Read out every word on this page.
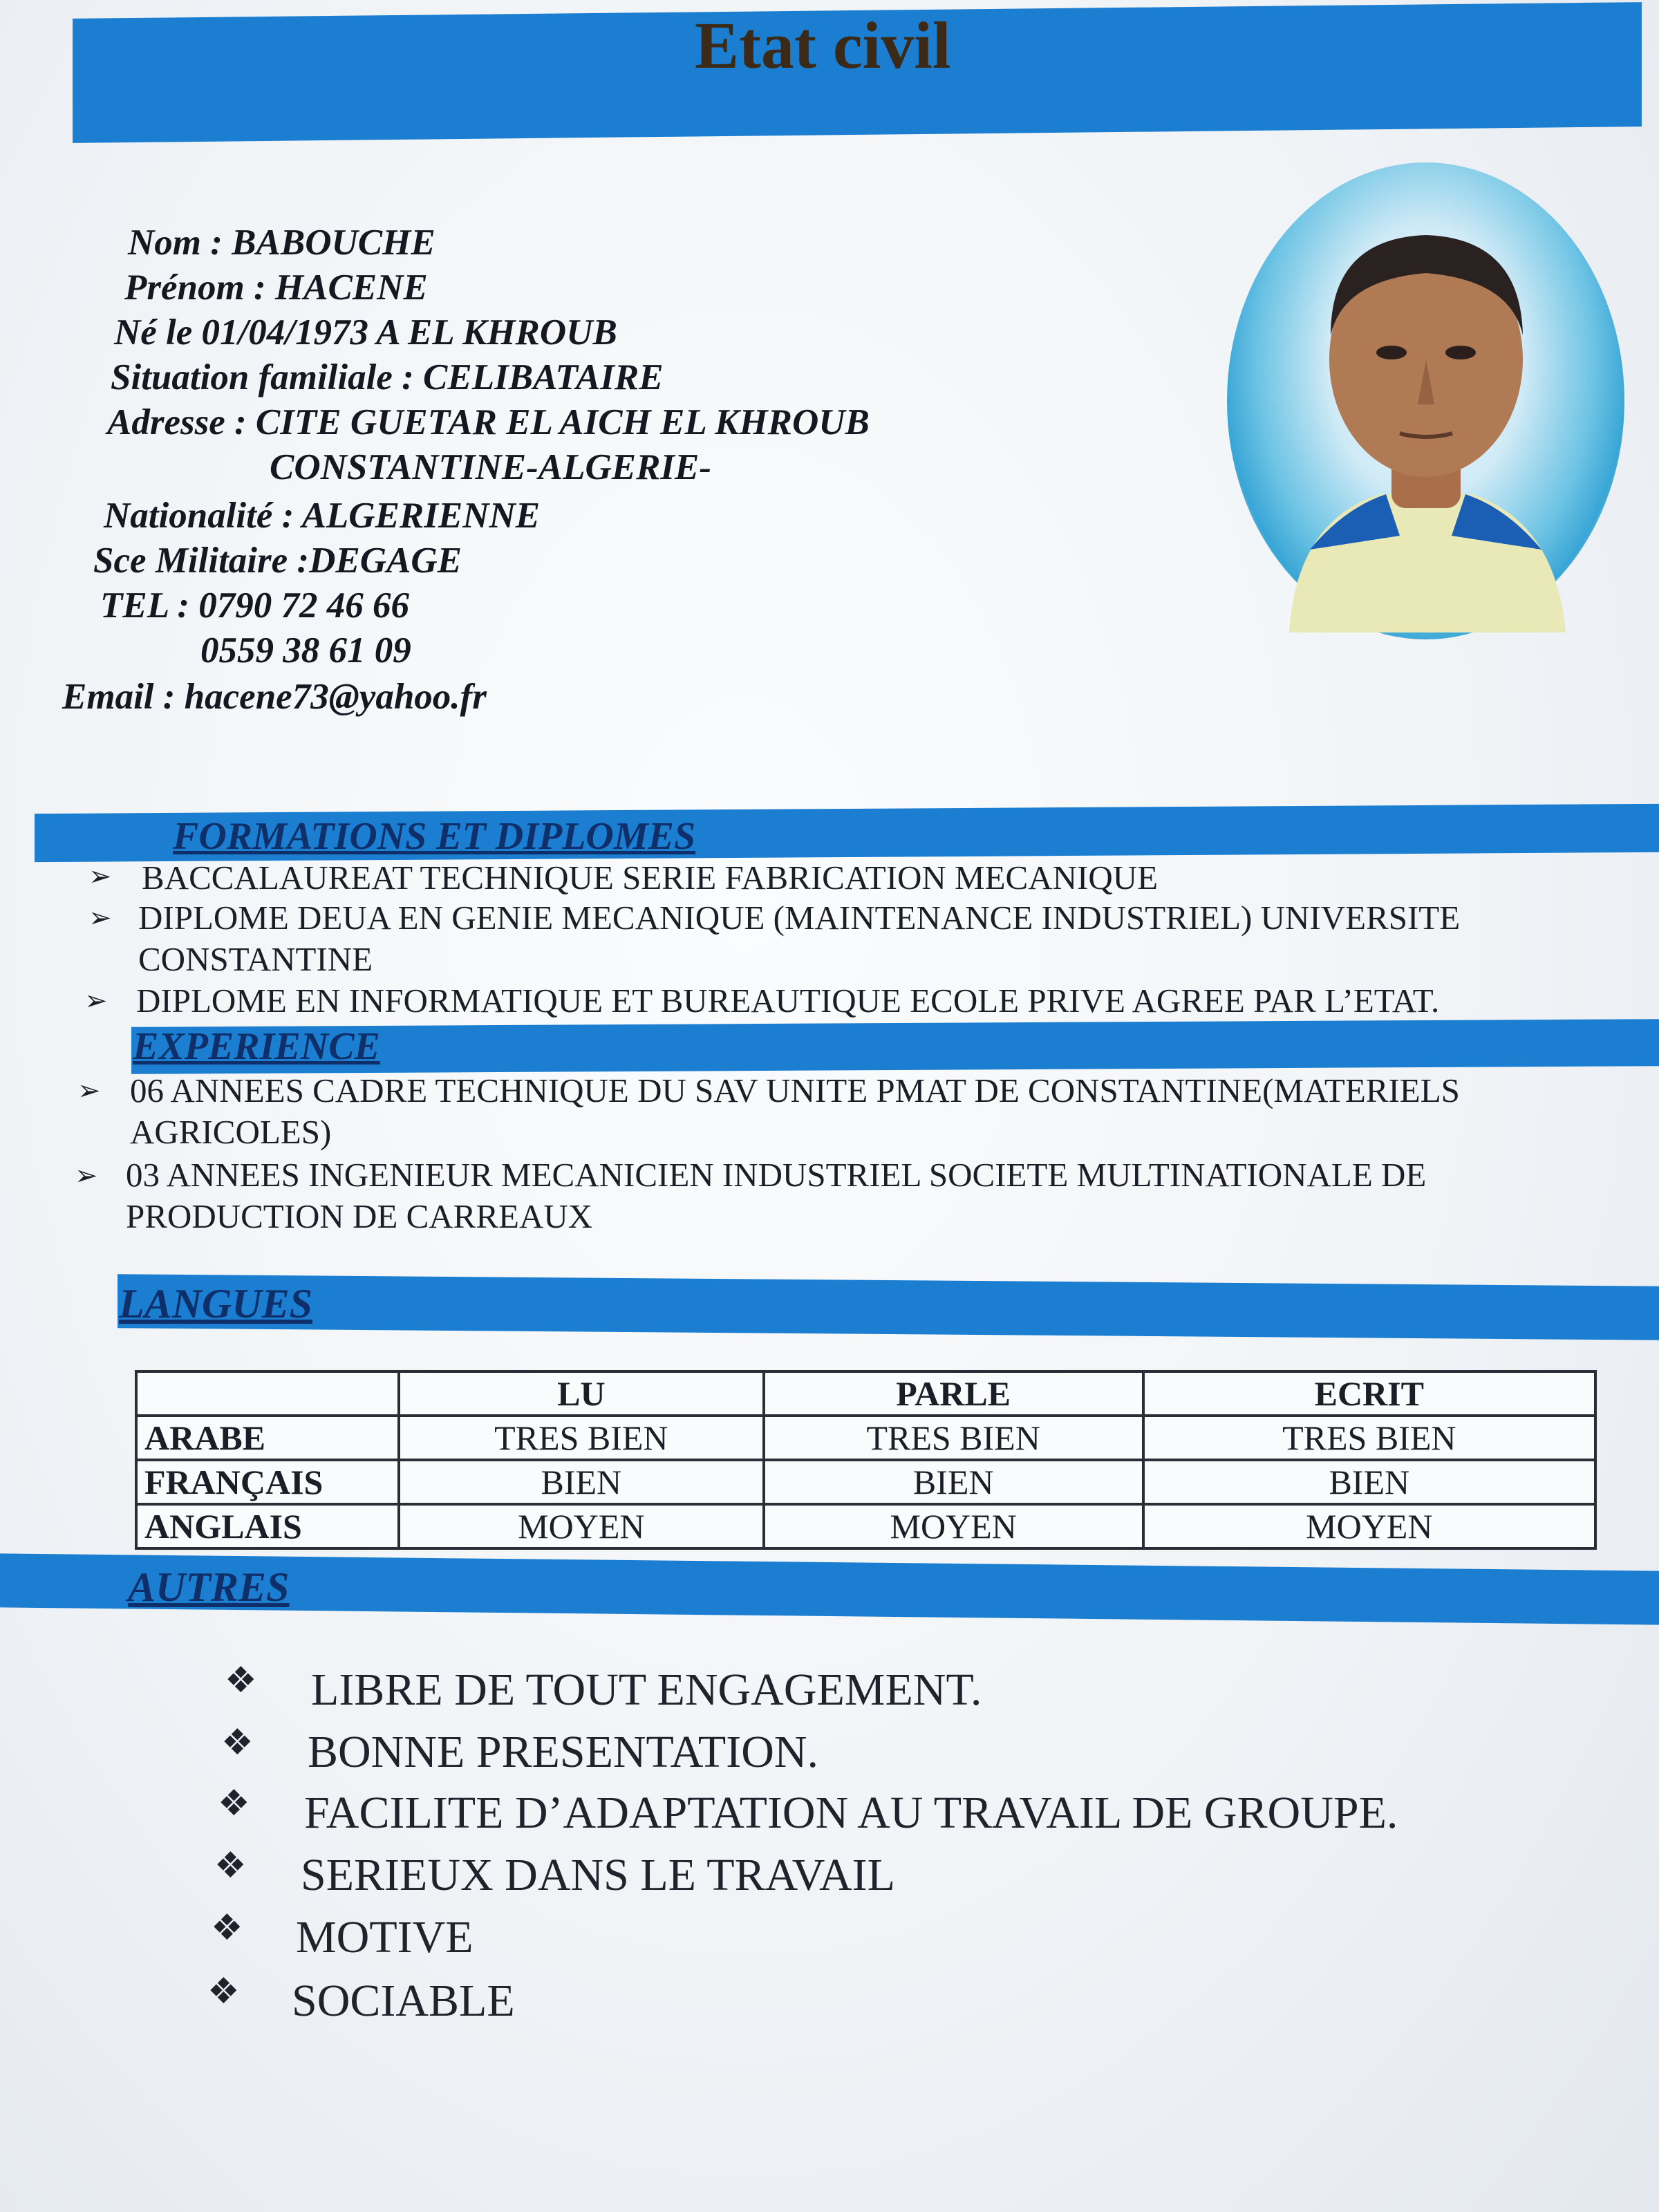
Etat civil
Nom : BABOUCHE
Prénom : HACENE
Né le 01/04/1973 A EL KHROUB
Situation familiale : CELIBATAIRE
Adresse : CITE GUETAR EL AICH EL KHROUB
CONSTANTINE-ALGERIE-
Nationalité : ALGERIENNE
Sce Militaire :DEGAGE
TEL : 0790 72 46 66
0559 38 61 09
Email : hacene73@yahoo.fr
FORMATIONS ET DIPLOMES
➢ BACCALAUREAT TECHNIQUE SERIE FABRICATION MECANIQUE
➢ DIPLOME DEUA EN GENIE MECANIQUE (MAINTENANCE INDUSTRIEL) UNIVERSITE CONSTANTINE
➢ DIPLOME EN INFORMATIQUE ET BUREAUTIQUE ECOLE PRIVE AGREE PAR L’ETAT.
EXPERIENCE
➢ 06 ANNEES CADRE TECHNIQUE DU SAV UNITE PMAT DE CONSTANTINE(MATERIELS AGRICOLES)
➢ 03 ANNEES INGENIEUR MECANICIEN INDUSTRIEL SOCIETE MULTINATIONALE DE PRODUCTION DE CARREAUX
LANGUES
	LU	PARLE	ECRIT
ARABE	TRES BIEN	TRES BIEN	TRES BIEN
FRANÇAIS	BIEN	BIEN	BIEN
ANGLAIS	MOYEN	MOYEN	MOYEN
AUTRES
❖ LIBRE DE TOUT ENGAGEMENT.
❖ BONNE PRESENTATION.
❖ FACILITE D’ADAPTATION AU TRAVAIL DE GROUPE.
❖ SERIEUX DANS LE TRAVAIL
❖ MOTIVE
❖ SOCIABLE
